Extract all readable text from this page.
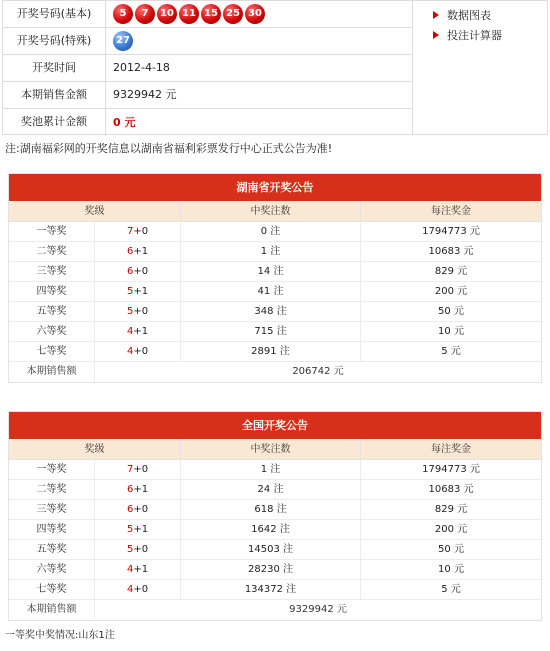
开奖号码(基本)	5	7	10 11 15 25 30
开奖号码(特殊)	27
开奖时间	2012-4-18
本期销售金额	9329942 元
奖池累计金额	0 元
数据图表
投注计算器
注:湖南福彩网的开奖信息以湖南省福利彩票发行中心正式公告为准!
湖南省开奖公告
奖级	中奖注数	每注奖金
一等奖	7+0	0 注	1794773 元
二等奖	6+1	1 注	10683 元
三等奖	6+0	14 注	829 元
四等奖	5+1	41 注	200 元
五等奖	5+0	348 注	50 元
六等奖	4+1	715 注	10 元
七等奖	4+0	2891 注	5 元
本期销售额	206742 元
全国开奖公告
奖级	中奖注数	每注奖金
一等奖	7+0	1 注	1794773 元
二等奖	6+1	24 注	10683 元
三等奖	6+0	618 注	829 元
四等奖	5+1	1642 注	200 元
五等奖	5+0	14503 注	50 元
六等奖	4+1	28230 注	10 元
七等奖	4+0	134372 注	5 元
本期销售额	9329942 元
一等奖中奖情况:山东1注
